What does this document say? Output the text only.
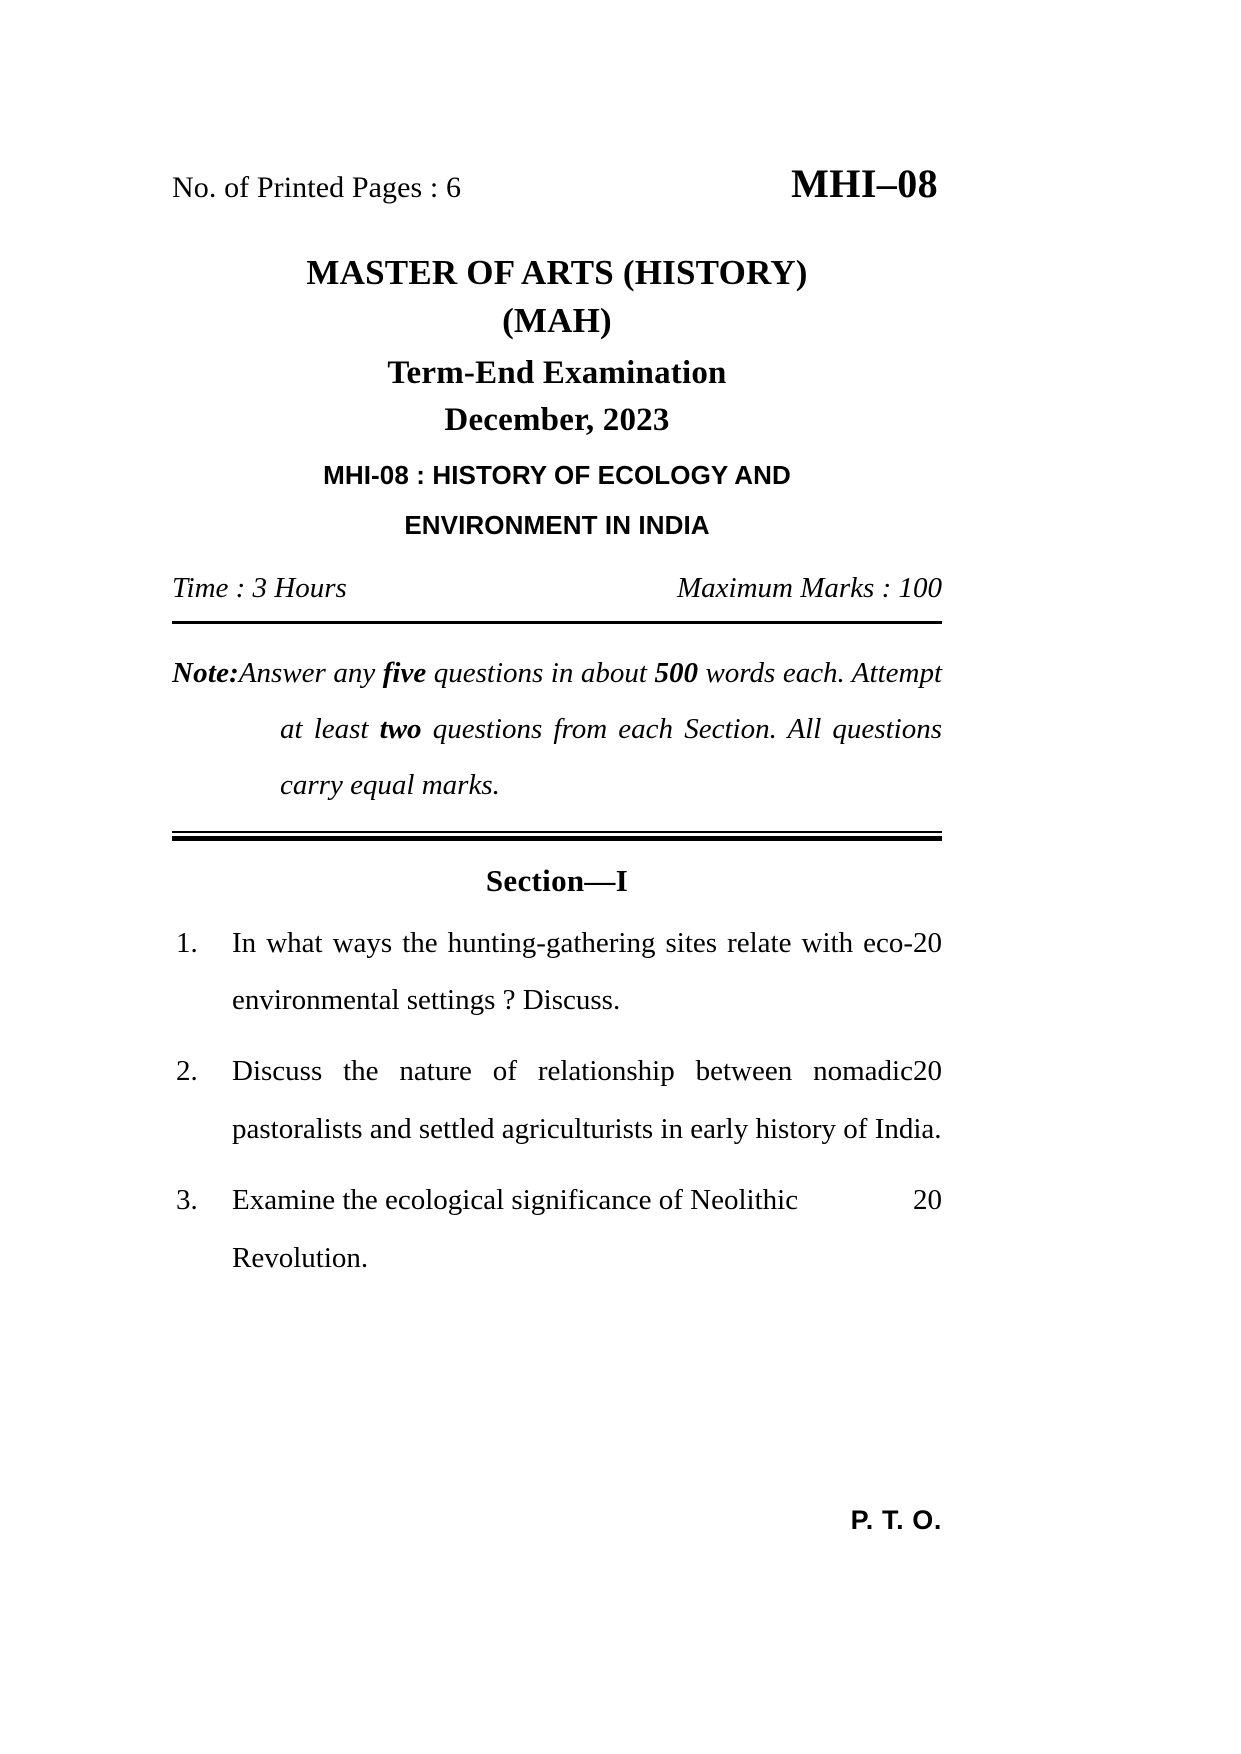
No. of Printed Pages : 6	MHI–08
MASTER OF ARTS (HISTORY)
(MAH)
Term-End Examination
December, 2023
MHI-08 : HISTORY OF ECOLOGY AND
ENVIRONMENT IN INDIA
Time : 3 Hours	Maximum Marks : 100
Note:Answer any five questions in about 500 words each. Attempt at least two questions from each Section. All questions carry equal marks.
Section—I
1.	20
In what ways the hunting-gathering sites relate with eco-environmental settings ? Discuss.
2.	20
Discuss the nature of relationship between nomadic pastoralists and settled agriculturists in early history of India.
3.	20
Examine the ecological significance of Neolithic Revolution.
P. T. O.
